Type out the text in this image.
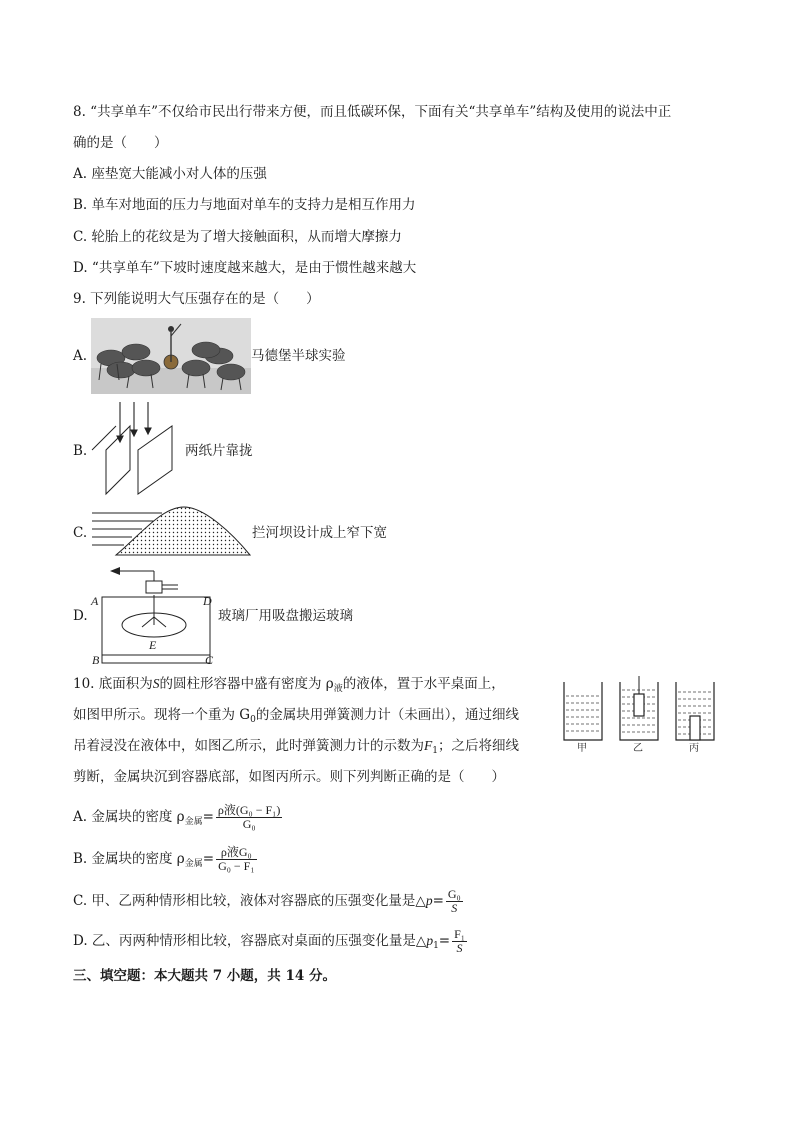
8. “共享单车”不仅给市民出行带来方便，而且低碳环保，下面有关“共享单车”结构及使用的说法中正
确的是（　　）
A. 座垫宽大能减小对人体的压强
B. 单车对地面的压力与地面对单车的支持力是相互作用力
C. 轮胎上的花纹是为了增大接触面积，从而增大摩擦力
D. “共享单车”下坡时速度越来越大，是由于惯性越来越大
9. 下列能说明大气压强存在的是（　　）
A.	马德堡半球实验
B.	两纸片靠拢
C.	拦河坝设计成上窄下宽
D.
A	D
E
B	C
玻璃厂用吸盘搬运玻璃
10. 底面积为S的圆柱形容器中盛有密度为 $\rho_液$的液体，置于水平桌面上，
如图甲所示。现将一个重为 $G_0$的金属块用弹簧测力计（未画出），通过细线
吊着浸没在液体中，如图乙所示，此时弹簧测力计的示数为$F_1$；之后将细线
剪断，金属块沉到容器底部，如图丙所示。则下列判断正确的是（　　）
甲	乙	丙
A. 金属块的密度 $\rho_{金属}= \frac{\text{ρ液(G₀ − F₁)}}{\text{G₀}}$
B. 金属块的密度 $\rho_{金属}= \frac{\text{ρ液G₀}}{\text{G₀ − F₁}}$
C. 甲、乙两种情形相比较，液体对容器底的压强变化量是△p= $\frac{\text{G₀}}{S}$
D. 乙、丙两种情形相比较，容器底对桌面的压强变化量是$\triangle p_1= \frac{\text{F₁}}{S}$
三、填空题：本大题共 7 小题，共 14 分。
